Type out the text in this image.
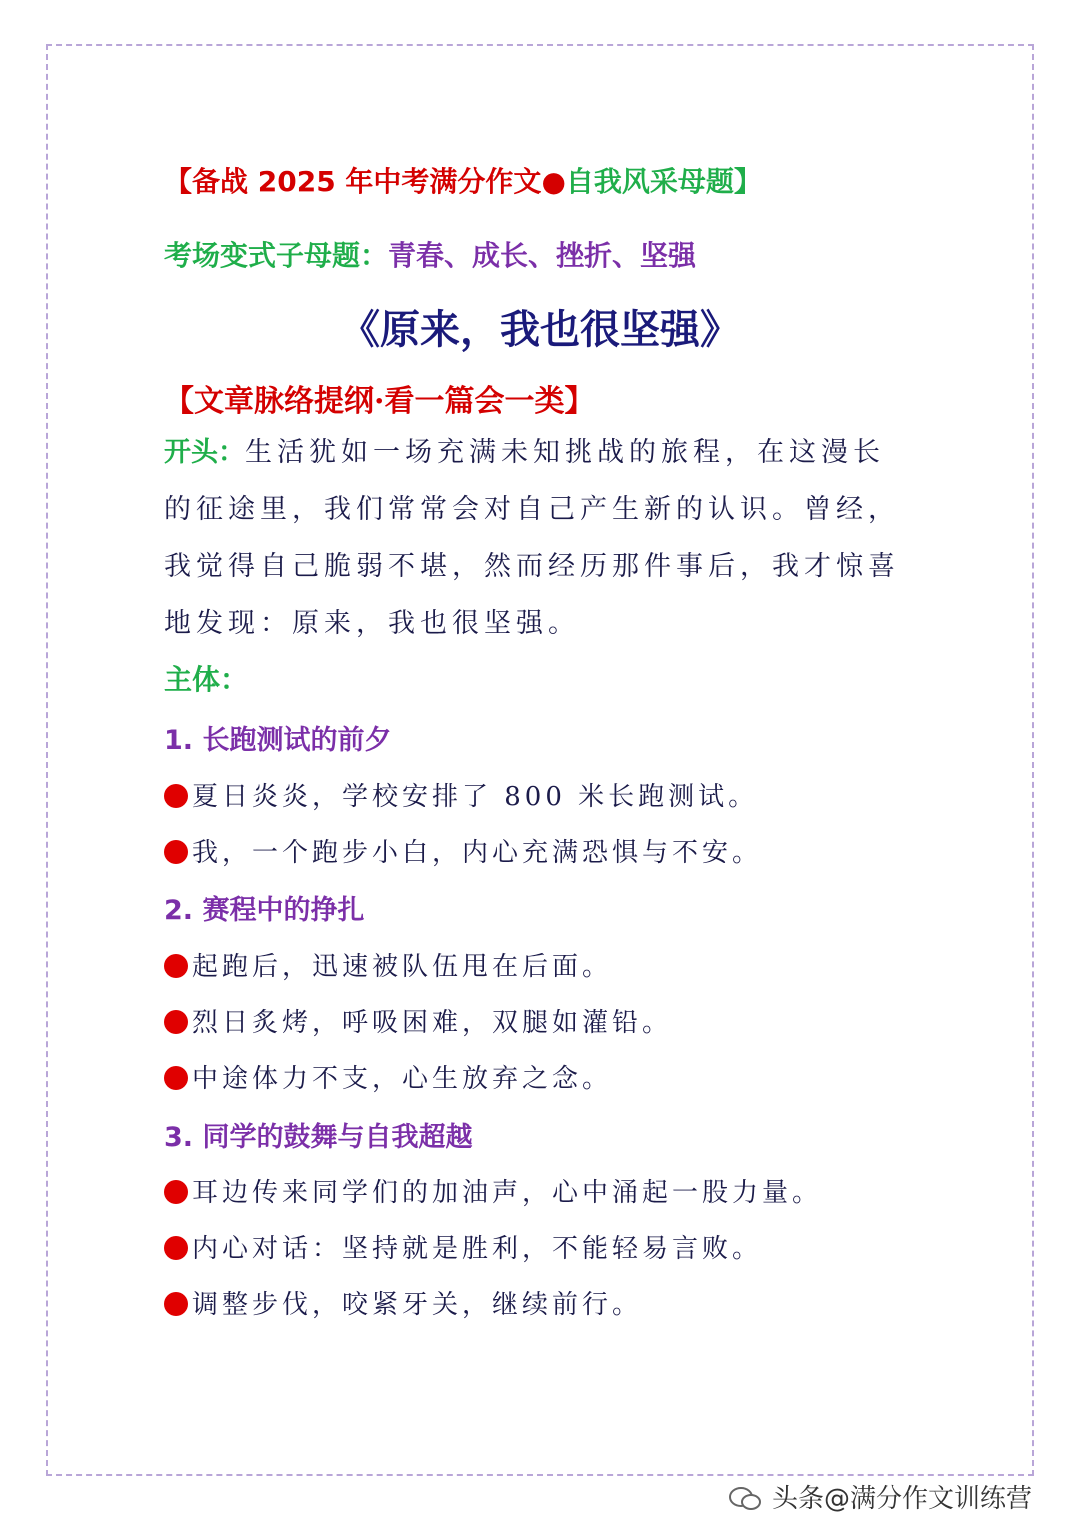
【备战 2025 年中考满分作文●自我风采母题】
考场变式子母题：青春、成长、挫折、坚强
《原来，我也很坚强》
【文章脉络提纲·看一篇会一类】
开头：生活犹如一场充满未知挑战的旅程，在这漫长的征途里，我们常常会对自己产生新的认识。曾经，我觉得自己脆弱不堪，然而经历那件事后，我才惊喜地发现：原来，我也很坚强。
主体：
1. 长跑测试的前夕
夏日炎炎，学校安排了 800 米长跑测试。
我，一个跑步小白，内心充满恐惧与不安。
2. 赛程中的挣扎
起跑后，迅速被队伍甩在后面。
烈日炙烤，呼吸困难，双腿如灌铅。
中途体力不支，心生放弃之念。
3. 同学的鼓舞与自我超越
耳边传来同学们的加油声，心中涌起一股力量。
内心对话：坚持就是胜利，不能轻易言败。
调整步伐，咬紧牙关，继续前行。
头条@满分作文训练营
